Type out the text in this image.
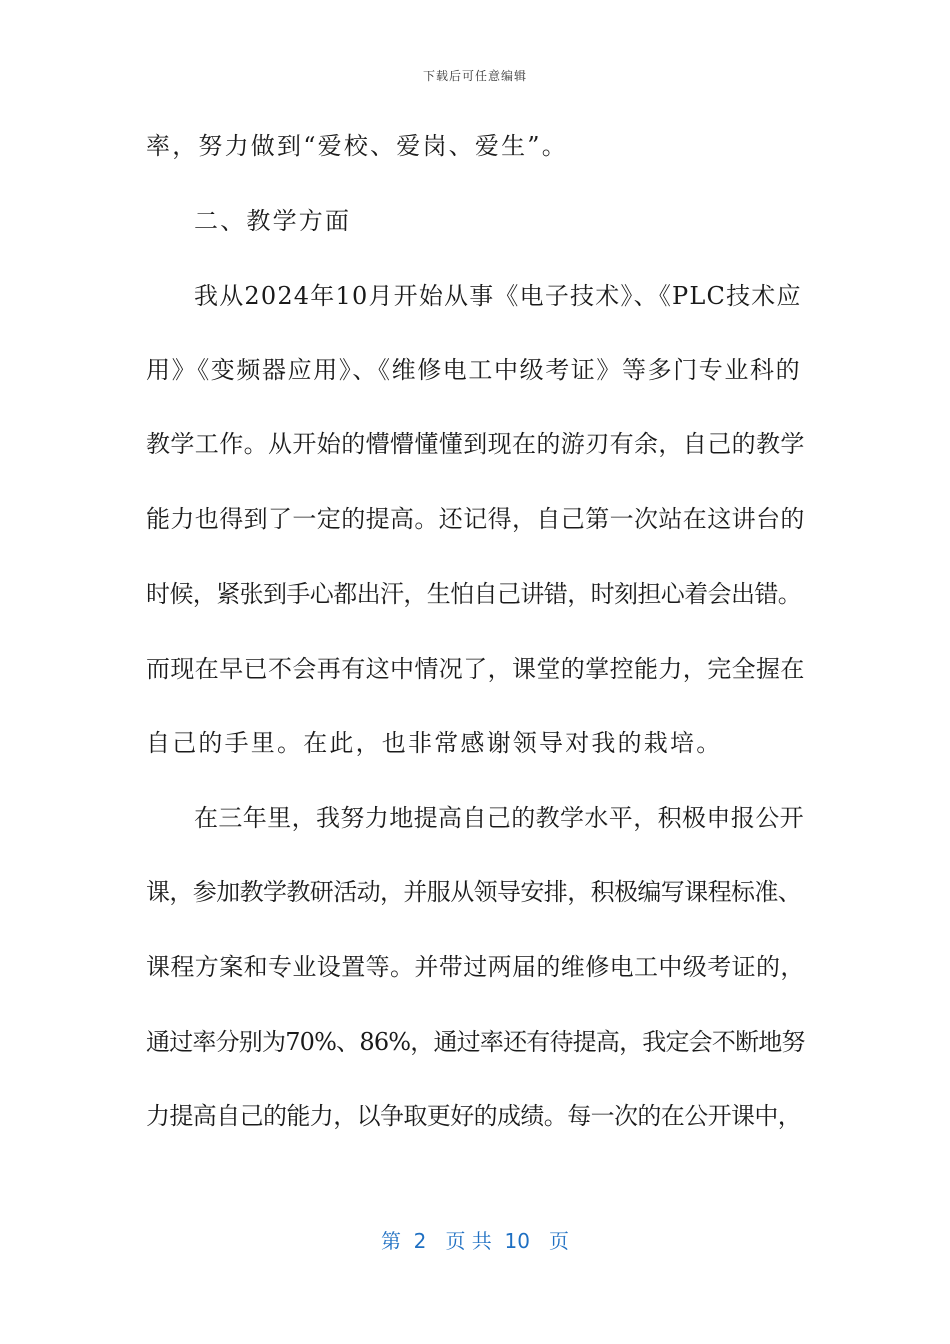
下载后可任意编辑
率，努力做到“爱校、爱岗、爱生”。
二、教学方面
我从2024年10月开始从事《电子技术》、《PLC技术应
用》《变频器应用》、《维修电工中级考证》等多门专业科的
教学工作。从开始的懵懵懂懂到现在的游刃有余，自己的教学
能力也得到了一定的提高。还记得，自己第一次站在这讲台的
时候，紧张到手心都出汗，生怕自己讲错，时刻担心着会出错。
而现在早已不会再有这中情况了，课堂的掌控能力，完全握在
自己的手里。在此，也非常感谢领导对我的栽培。
在三年里，我努力地提高自己的教学水平，积极申报公开
课，参加教学教研活动，并服从领导安排，积极编写课程标准、
课程方案和专业设置等。并带过两届的维修电工中级考证的，
通过率分别为70%、86%，通过率还有待提高，我定会不断地努
力提高自己的能力，以争取更好的成绩。每一次的在公开课中，
第  2   页 共  10   页
